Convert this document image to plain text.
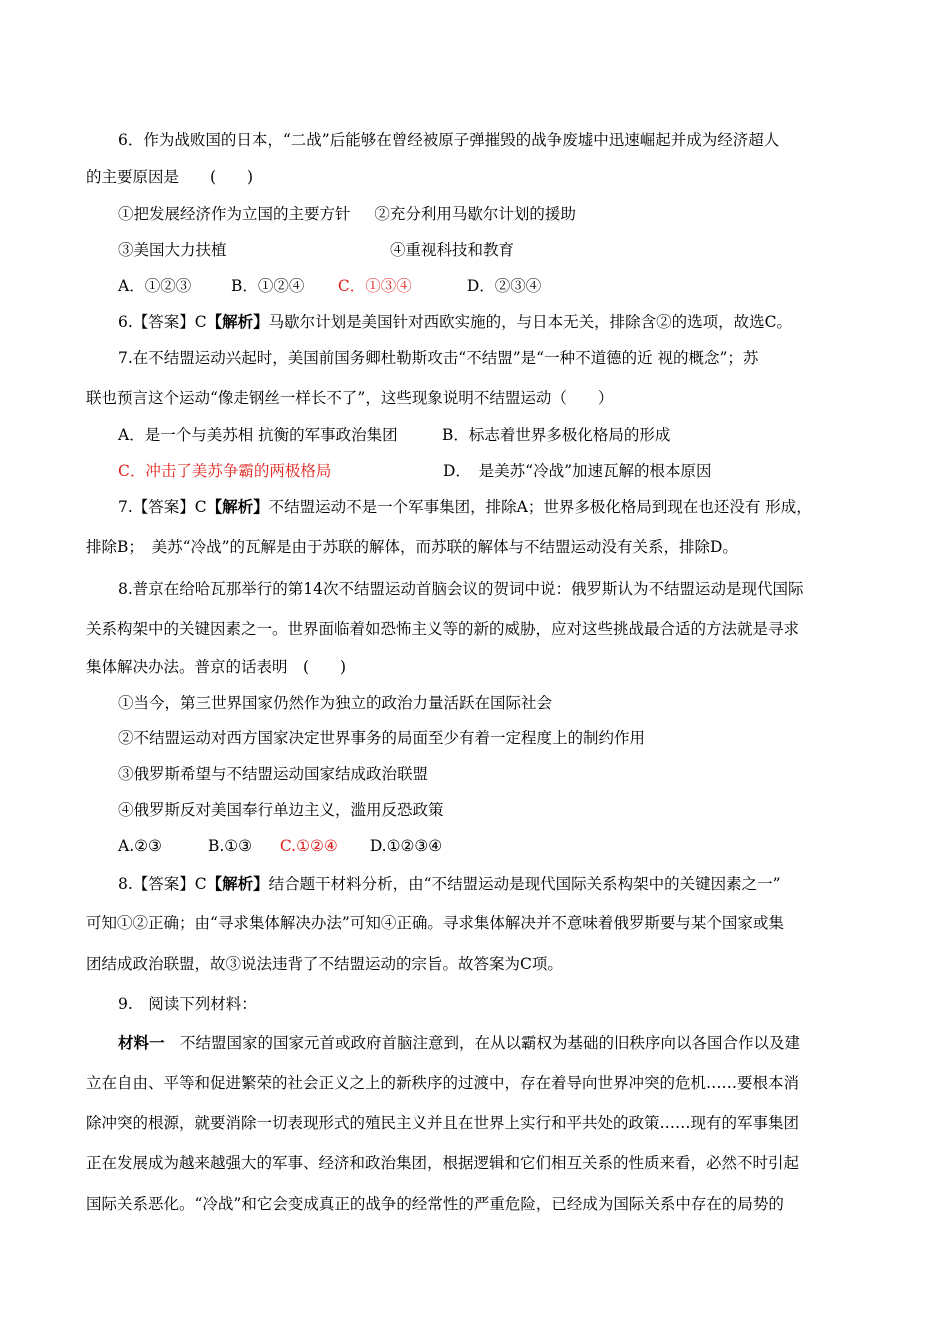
6．作为战败国的日本，“二战”后能够在曾经被原子弹摧毁的战争废墟中迅速崛起并成为经济超人
的主要原因是　　(　　)
①把发展经济作为立国的主要方针 ②充分利用马歇尔计划的援助
③美国大力扶植	④重视科技和教育
A．①②③	B．①②④ C．①③④	D．②③④
6.【答案】C【解析】马歇尔计划是美国针对西欧实施的，与日本无关，排除含②的选项，故选C。
7.在不结盟运动兴起时，美国前国务卿杜勒斯攻击“不结盟”是“一种不道德的近 视的概念”；苏
联也预言这个运动“像走钢丝一样长不了”，这些现象说明不结盟运动（　　）
A．是一个与美苏相 抗衡的军事政治集团	B．标志着世界多极化格局的形成
C．冲击了美苏争霸的两极格局	D．　是美苏“冷战”加速瓦解的根本原因
7.【答案】C【解析】不结盟运动不是一个军事集团，排除A；世界多极化格局到现在也还没有 形成，
排除B；　美苏“冷战”的瓦解是由于苏联的解体，而苏联的解体与不结盟运动没有关系，排除D。
8.普京在给哈瓦那举行的第14次不结盟运动首脑会议的贺词中说：俄罗斯认为不结盟运动是现代国际
关系构架中的关键因素之一。世界面临着如恐怖主义等的新的威胁，应对这些挑战最合适的方法就是寻求
集体解决办法。普京的话表明　(　　)
①当今，第三世界国家仍然作为独立的政治力量活跃在国际社会
②不结盟运动对西方国家决定世界事务的局面至少有着一定程度上的制约作用
③俄罗斯希望与不结盟运动国家结成政治联盟
④俄罗斯反对美国奉行单边主义，滥用反恐政策
A.②③	B.①③ C.①②④ D.①②③④
8.【答案】C【解析】结合题干材料分析，由“不结盟运动是现代国际关系构架中的关键因素之一”
可知①②正确；由“寻求集体解决办法”可知④正确。寻求集体解决并不意味着俄罗斯要与某个国家或集
团结成政治联盟，故③说法违背了不结盟运动的宗旨。故答案为C项。
9.　阅读下列材料：
材料一　不结盟国家的国家元首或政府首脑注意到，在从以霸权为基础的旧秩序向以各国合作以及建
立在自由、平等和促进繁荣的社会正义之上的新秩序的过渡中，存在着导向世界冲突的危机……要根本消
除冲突的根源，就要消除一切表现形式的殖民主义并且在世界上实行和平共处的政策……现有的军事集团
正在发展成为越来越强大的军事、经济和政治集团，根据逻辑和它们相互关系的性质来看，必然不时引起
国际关系恶化。“冷战”和它会变成真正的战争的经常性的严重危险，已经成为国际关系中存在的局势的
